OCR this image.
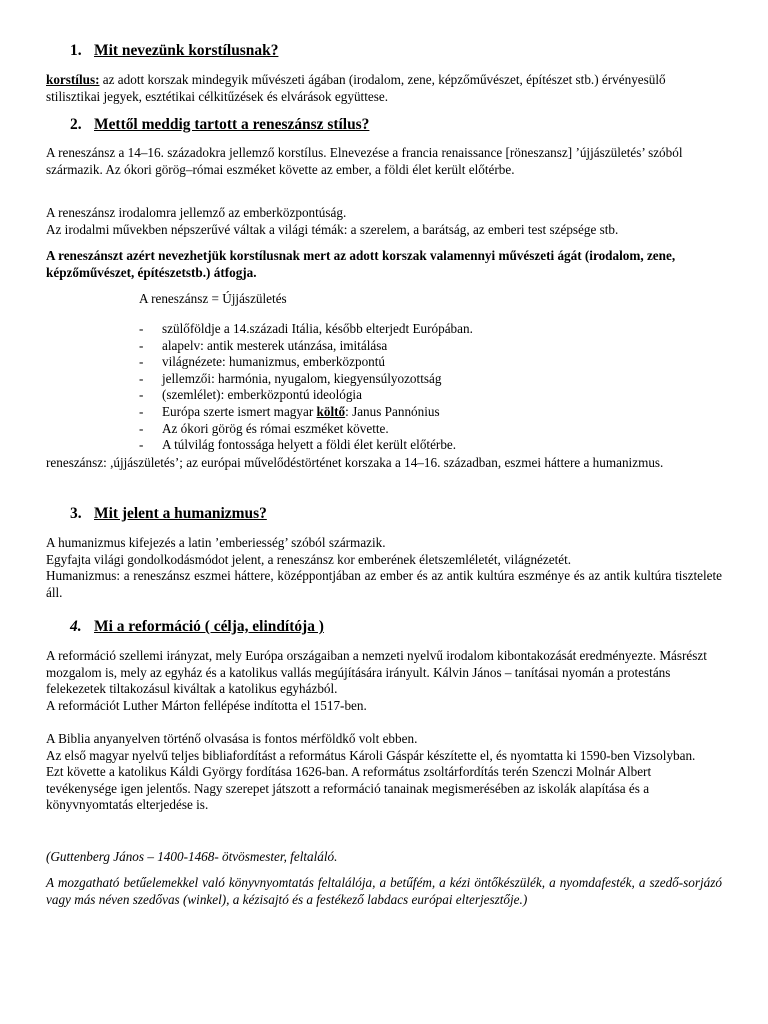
1. Mit nevezünk korstílusnak?

korstílus: az adott korszak mindegyik művészeti ágában (irodalom, zene, képzőművészet, építészet stb.) érvényesülő stilisztikai jegyek, esztétikai célkitűzések és elvárások együttese.

2. Mettől meddig tartott a reneszánsz stílus?

A reneszánsz a 14–16. századokra jellemző korstílus. Elnevezése a francia renaissance [röneszansz] ’újjászületés’ szóból származik. Az ókori görög–római eszméket követte az ember, a földi élet került előtérbe.

A reneszánsz irodalomra jellemző az emberközpontúság.

Az irodalmi művekben népszerűvé váltak a világi témák: a szerelem, a barátság, az emberi test szépsége stb.

A reneszánszt azért nevezhetjük korstílusnak mert az adott korszak valamennyi művészeti ágát (irodalom, zene, képzőművészet, építészetstb.) átfogja.

A reneszánsz = Újjászületés

- szülőföldje a 14.századi Itália, később elterjedt Európában.
- alapelv: antik mesterek utánzása, imitálása
- világnézete: humanizmus, emberközpontú
- jellemzői: harmónia, nyugalom, kiegyensúlyozottság
- (szemlélet): emberközpontú ideológia
- Európa szerte ismert magyar költő: Janus Pannónius
- Az ókori görög és római eszméket követte.
- A túlvilág fontossága helyett a földi élet került előtérbe.

reneszánsz: ,újjászületés’; az európai művelődéstörténet korszaka a 14–16. században, eszmei háttere a humanizmus.

3. Mit jelent a humanizmus?

A humanizmus kifejezés a latin ’emberiesség’ szóból származik.

Egyfajta világi gondolkodásmódot jelent, a reneszánsz kor emberének életszemléletét, világnézetét.

Humanizmus: a reneszánsz eszmei háttere, középpontjában az ember és az antik kultúra eszménye és az antik kultúra tisztelete áll.

4. Mi a reformáció ( célja, elindítója )

A reformáció szellemi irányzat, mely Európa országaiban a nemzeti nyelvű irodalom kibontakozását eredményezte. Másrészt mozgalom is, mely az egyház és a katolikus vallás megújítására irányult. Kálvin János – tanításai nyomán a protestáns felekezetek tiltakozásul kiváltak a katolikus egyházból.

A reformációt Luther Márton fellépése indította el 1517-ben.

A Biblia anyanyelven történő olvasása is fontos mérföldkő volt ebben.

Az első magyar nyelvű teljes bibliafordítást a református Károli Gáspár készítette el, és nyomtatta ki 1590-ben Vizsolyban.

Ezt követte a katolikus Káldi György fordítása 1626-ban. A református zsoltárfordítás terén Szenczi Molnár Albert tevékenysége igen jelentős. Nagy szerepet játszott a reformáció tanainak megismerésében az iskolák alapítása és a könyvnyomtatás elterjedése is.

(Guttenberg János – 1400-1468- ötvösmester, feltaláló.

A mozgatható betűelemekkel való könyvnyomtatás feltalálója, a betűfém, a kézi öntőkészülék, a nyomdafesték, a szedő-sorjázó vagy más néven szedővas (winkel), a kézisajtó és a festékező labdacs európai elterjesztője.)
